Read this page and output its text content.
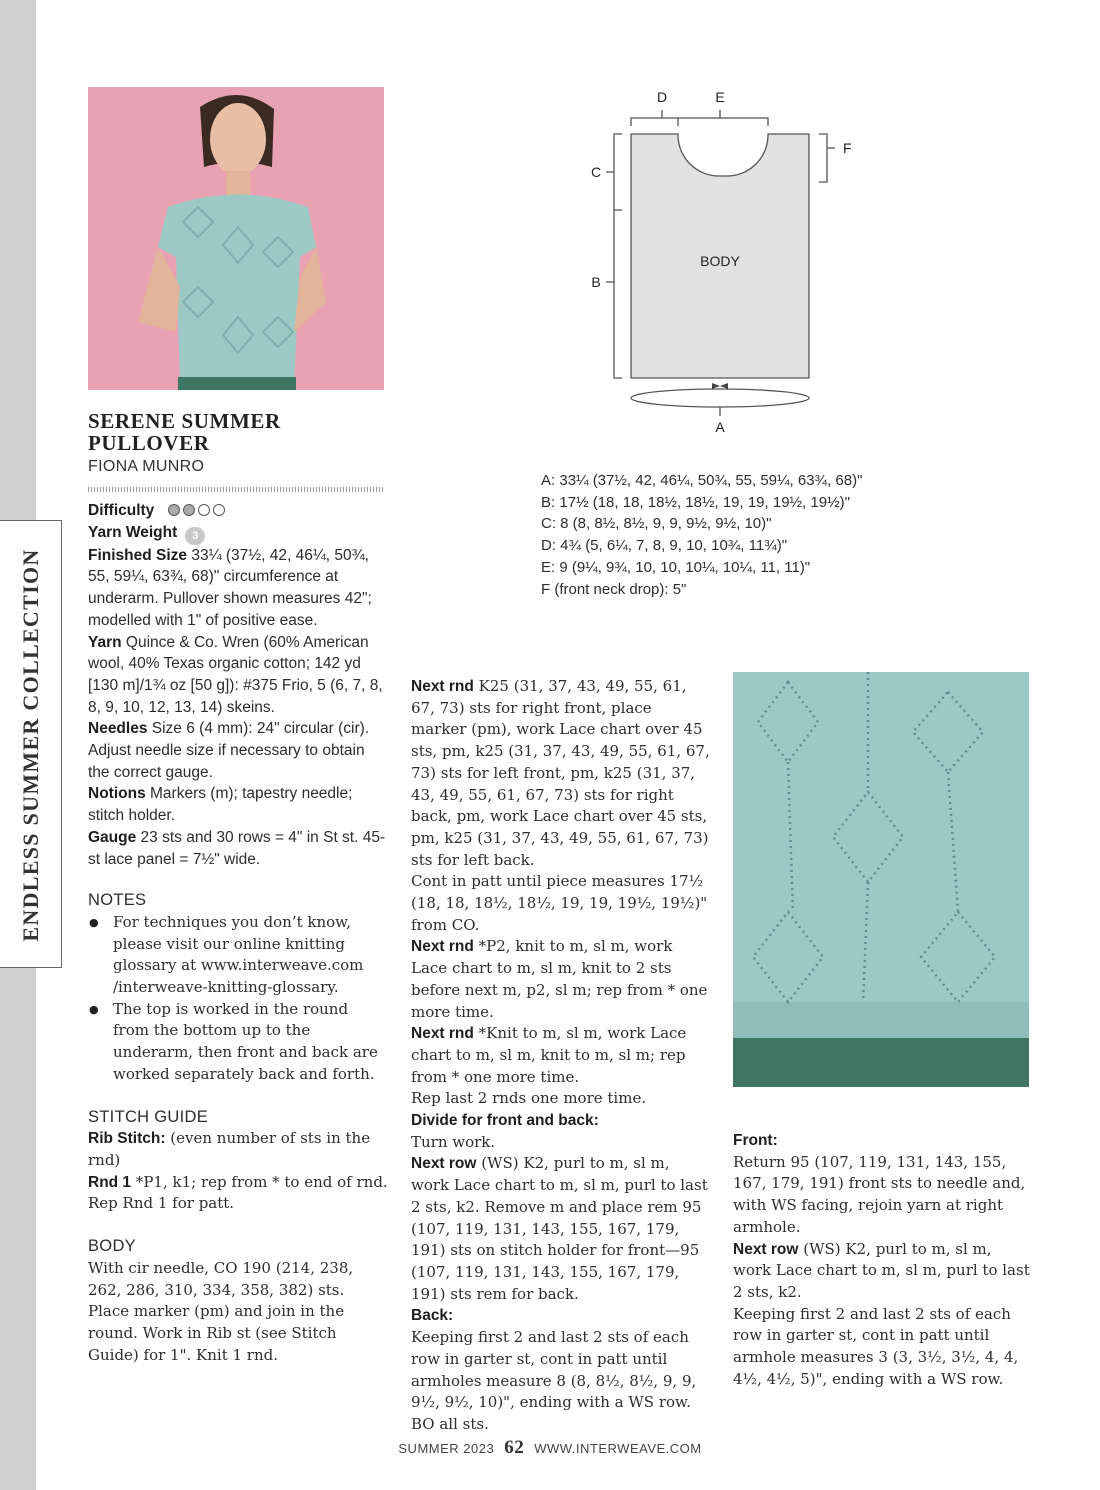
ENDLESS SUMMER COLLECTION
SERENE SUMMER PULLOVER
FIONA MUNRO

Difficulty

Yarn Weight 3

Finished Size 33¼ (37½, 42, 46¼, 50¾, 55, 59¼, 63¾, 68)" circumference at underarm. Pullover shown measures 42"; modelled with 1" of positive ease.

Yarn Quince & Co. Wren (60% American wool, 40% Texas organic cotton; 142 yd [130 m]/1¾ oz [50 g]): #375 Frio, 5 (6, 7, 8, 8, 9, 10, 12, 13, 14) skeins.

Needles Size 6 (4 mm): 24" circular (cir). Adjust needle size if necessary to obtain the correct gauge.

Notions Markers (m); tapestry needle; stitch holder.

Gauge 23 sts and 30 rows = 4" in St st. 45-st lace panel = 7½" wide.

NOTES

● For techniques you don’t know, please visit our online knitting glossary at www.interweave.com /interweave-knitting-glossary.
● The top is worked in the round from the bottom up to the underarm, then front and back are worked separately back and forth.

STITCH GUIDE

Rib Stitch: (even number of sts in the rnd)

Rnd 1 *P1, k1; rep from * to end of rnd.

Rep Rnd 1 for patt.

BODY

With cir needle, CO 190 (214, 238, 262, 286, 310, 334, 358, 382) sts. Place marker (pm) and join in the round. Work in Rib st (see Stitch Guide) for 1". Knit 1 rnd.

Next rnd K25 (31, 37, 43, 49, 55, 61, 67, 73) sts for right front, place marker (pm), work Lace chart over 45 sts, pm, k25 (31, 37, 43, 49, 55, 61, 67, 73) sts for left front, pm, k25 (31, 37, 43, 49, 55, 61, 67, 73) sts for right back, pm, work Lace chart over 45 sts, pm, k25 (31, 37, 43, 49, 55, 61, 67, 73) sts for left back.

Cont in patt until piece measures 17½ (18, 18, 18½, 18½, 19, 19, 19½, 19½)" from CO.

Next rnd *P2, knit to m, sl m, work Lace chart to m, sl m, knit to 2 sts before next m, p2, sl m; rep from * one more time.

Next rnd *Knit to m, sl m, work Lace chart to m, sl m, knit to m, sl m; rep from * one more time.

Rep last 2 rnds one more time.

Divide for front and back:

Turn work.

Next row (WS) K2, purl to m, sl m, work Lace chart to m, sl m, purl to last 2 sts, k2. Remove m and place rem 95 (107, 119, 131, 143, 155, 167, 179, 191) sts on stitch holder for front—95 (107, 119, 131, 143, 155, 167, 179, 191) sts rem for back.

Back:

Keeping first 2 and last 2 sts of each row in garter st, cont in patt until armholes measure 8 (8, 8½, 8½, 9, 9, 9½, 9½, 10)", ending with a WS row.

BO all sts.

Front:

Return 95 (107, 119, 131, 143, 155, 167, 179, 191) front sts to needle and, with WS facing, rejoin yarn at right armhole.

Next row (WS) K2, purl to m, sl m, work Lace chart to m, sl m, purl to last 2 sts, k2.

Keeping first 2 and last 2 sts of each row in garter st, cont in patt until armhole measures 3 (3, 3½, 3½, 4, 4, 4½, 4½, 5)", ending with a WS row.

D	E
F
C
B
BODY
A

A: 33¼ (37½, 42, 46¼, 50¾, 55, 59¼, 63¾, 68)"

B: 17½ (18, 18, 18½, 18½, 19, 19, 19½, 19½)"

C: 8 (8, 8½, 8½, 9, 9, 9½, 9½, 10)"

D: 4¾ (5, 6¼, 7, 8, 9, 10, 10¾, 11¾)"

E: 9 (9¼, 9¾, 10, 10, 10¼, 10¼, 11, 11)"

F (front neck drop): 5"

SUMMER 2023 62 WWW.INTERWEAVE.COM
